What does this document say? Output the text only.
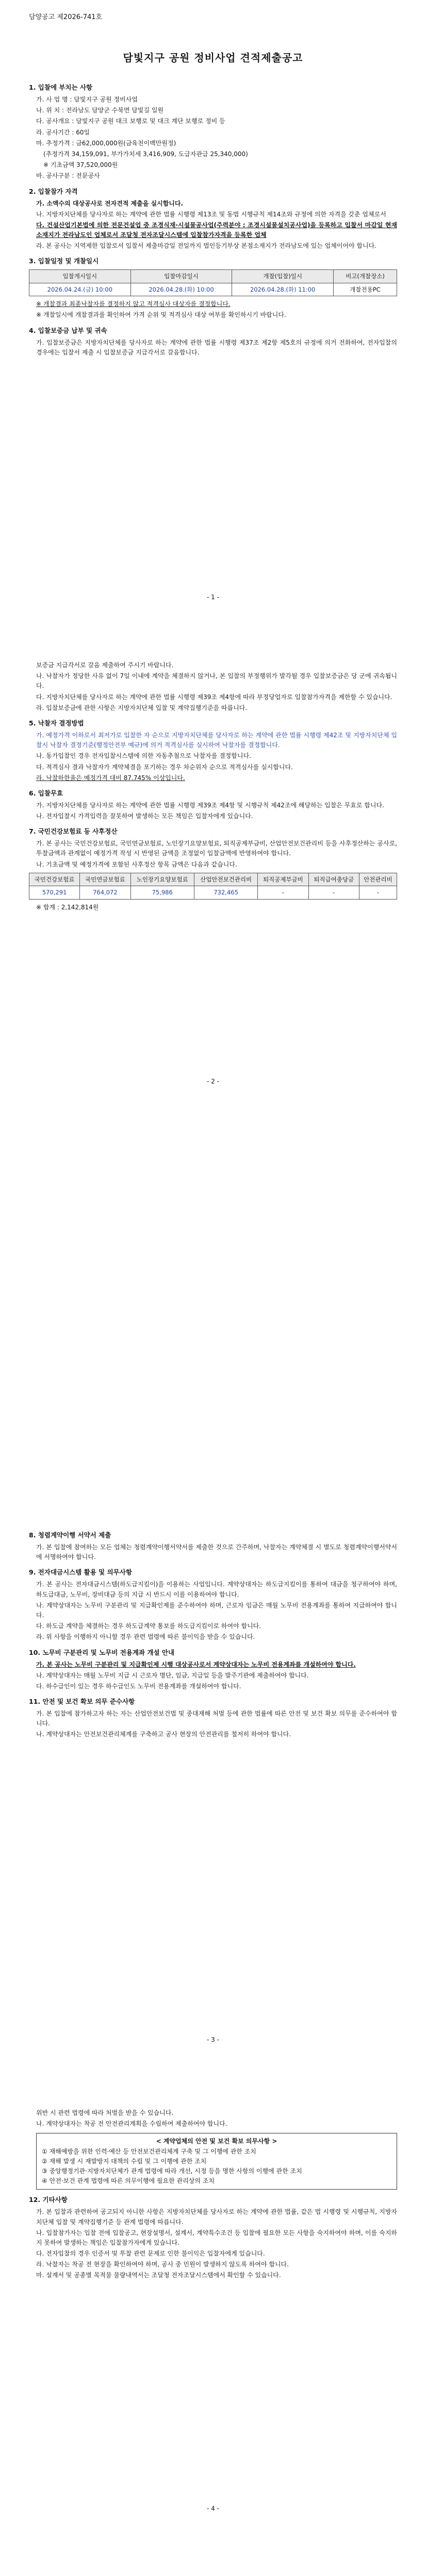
담양공고 제2026-741호
담빛지구 공원 정비사업 견적제출공고
1. 입찰에 부치는 사항

가. 사 업 명 : 담빛지구 공원 정비사업

나. 위 치 : 전라남도 담양군 수북면 담빛길 일원

다. 공사개요 : 담빛지구 공원 대크 보행로 및 대크 계단 보행로 정비 등

라. 공사기간 : 60일

마. 추정가격 : 금62,000,000원(금육천이백만원정)

(추정가격 34,159,091, 부가가치세 3,416,909, 도급자관급 25,340,000)

※ 기초금액 37,520,000원

바. 공사구분 : 전문공사

2. 입찰참가 자격

가. 소액수의 대상공사로 전자견적 제출을 실시합니다.

나. 지방자치단체를 당사자로 하는 계약에 관한 법률 시행령 제13조 및 동법 시행규칙 제14조와 규정에 의한 자격을 갖춘 업체로서

다. 건설산업기본법에 의한 전문건설업 중 조경식재·시설물공사업(주력분야 : 조경시설물설치공사업)을 등록하고 입찰서 마감일 현재 소재지가 전라남도인 업체로서 조달청 전자조달시스템에 입찰참가자격을 등록한 업체

라. 본 공사는 지역제한 입찰로서 입찰서 제출마감일 전일까지 법인등기부상 본점소재지가 전라남도에 있는 업체이어야 합니다.

3. 입찰일정 및 개찰일시
입찰게시일시	입찰마감일시	개찰(입찰)일시	비고(개찰장소)
2026.04.24.(금) 10:00	2026.04.28.(화) 10:00	2026.04.28.(화) 11:00	개찰전용PC

※ 개찰결과 최종낙찰자를 결정하지 않고 적격심사 대상자를 결정합니다.

※ 개찰일시에 개찰결과를 확인하여 가격 순위 및 적격심사 대상 여부를 확인하시기 바랍니다.

4. 입찰보증금 납부 및 귀속

가. 입찰보증금은 지방자치단체를 당사자로 하는 계약에 관한 법률 시행령 제37조 제2항 제5호의 규정에 의거 전화하여, 전자입찰의 경우에는 입찰서 제출 시 입찰보증금 지급각서로 갈음합니다.

- 1 -

보증금 지급각서로 갈음 제출하여 주시기 바랍니다.

나. 낙찰자가 정당한 사유 없이 7일 이내에 계약을 체결하지 않거나, 본 입찰의 부정행위가 발각될 경우 입찰보증금은 당 군에 귀속됩니다.

다. 지방자치단체를 당사자로 하는 계약에 관한 법률 시행령 제39조 제4항에 따라 부정당업자로 입찰참가자격을 제한할 수 있습니다.

라. 입찰보증금에 관한 사항은 지방자치단체 입찰 및 계약집행기준을 따릅니다.

5. 낙찰자 결정방법

가. 예정가격 이하로서 최저가로 입찰한 자 순으로 지방자치단체를 당사자로 하는 계약에 관한 법률 시행령 제42조 및 지방자치단체 입찰시 낙찰자 결정기준(행정안전부 예규)에 의거 적격심사를 실시하여 낙찰자를 결정합니다.

나. 동가입찰인 경우 전자입찰시스템에 의한 자동추첨으로 낙찰자를 결정합니다.

다. 적격심사 결과 낙찰자가 계약체결을 포기하는 경우 차순위자 순으로 적격심사를 실시합니다.

라. 낙찰하한율은 예정가격 대비 87.745% 이상입니다.

6. 입찰무효

가. 지방자치단체를 당사자로 하는 계약에 관한 법률 시행령 제39조 제4항 및 시행규칙 제42조에 해당하는 입찰은 무효로 합니다.

나. 전자입찰시 가격입력을 잘못하여 발생하는 모든 책임은 입찰자에게 있습니다.

7. 국민건강보험료 등 사후정산

가. 본 공사는 국민건강보험료, 국민연금보험료, 노인장기요양보험료, 퇴직공제부금비, 산업안전보건관리비 등을 사후정산하는 공사로, 투찰금액과 관계없이 예정가격 작성 시 반영된 금액을 조정없이 입찰금액에 반영하여야 합니다.

나. 기초금액 및 예정가격에 포함된 사후정산 항목 금액은 다음과 같습니다.

국민건강보험료	국민연금보험료	노인장기요양보험료	산업안전보건관리비	퇴직공제부금비	퇴직급여충당금	안전관리비
570,291	764,072	75,986	732,465	-	-	-

※ 합계 : 2,142,814원

- 2 -
8. 청렴계약이행 서약서 제출

가. 본 입찰에 참여하는 모든 업체는 청렴계약이행서약서를 제출한 것으로 간주하며, 낙찰자는 계약체결 시 별도로 청렴계약이행서약서에 서명하여야 합니다.

9. 전자대금시스템 활용 및 의무사항

가. 본 공사는 전자대금시스템(하도급지킴이)을 이용하는 사업입니다. 계약상대자는 하도급지킴이를 통하여 대금을 청구하여야 하며, 하도급대금, 노무비, 장비대금 등의 지급 시 반드시 이를 이용하여야 합니다.

나. 계약상대자는 노무비 구분관리 및 지급확인제를 준수하여야 하며, 근로자 임금은 매월 노무비 전용계좌를 통하여 지급하여야 합니다.

다. 하도급 계약을 체결하는 경우 하도급계약 통보를 하도급지킴이로 하여야 합니다.

라. 위 사항을 이행하지 아니할 경우 관련 법령에 따른 불이익을 받을 수 있습니다.

10. 노무비 구분관리 및 노무비 전용계좌 개설 안내

가. 본 공사는 노무비 구분관리 및 지급확인제 시행 대상공사로서 계약상대자는 노무비 전용계좌를 개설하여야 합니다.

나. 계약상대자는 매월 노무비 지급 시 근로자 명단, 임금, 지급일 등을 발주기관에 제출하여야 합니다.

다. 하수급인이 있는 경우 하수급인도 노무비 전용계좌를 개설하여야 합니다.

11. 안전 및 보건 확보 의무 준수사항

가. 본 입찰에 참가하고자 하는 자는 산업안전보건법 및 중대재해 처벌 등에 관한 법률에 따른 안전 및 보건 확보 의무를 준수하여야 합니다.

나. 계약상대자는 안전보건관리체계를 구축하고 공사 현장의 안전관리를 철저히 하여야 합니다.

- 3 -

위반 시 관련 법령에 따라 처벌을 받을 수 있습니다.

나. 계약상대자는 착공 전 안전관리계획을 수립하여 제출하여야 합니다.

< 계약업체의 안전 및 보건 확보 의무사항 >
① 재해예방을 위한 인력·예산 등 안전보건관리체계 구축 및 그 이행에 관한 조치
② 재해 발생 시 재발방지 대책의 수립 및 그 이행에 관한 조치
③ 중앙행정기관·지방자치단체가 관계 법령에 따라 개선, 시정 등을 명한 사항의 이행에 관한 조치
④ 안전·보건 관계 법령에 따른 의무이행에 필요한 관리상의 조치
12. 기타사항

가. 본 입찰과 관련하여 공고되지 아니한 사항은 지방자치단체를 당사자로 하는 계약에 관한 법률, 같은 법 시행령 및 시행규칙, 지방자치단체 입찰 및 계약집행기준 등 관계 법령에 따릅니다.

나. 입찰참가자는 입찰 전에 입찰공고, 현장설명서, 설계서, 계약특수조건 등 입찰에 필요한 모든 사항을 숙지하여야 하며, 이를 숙지하지 못하여 발생하는 책임은 입찰참가자에게 있습니다.

다. 전자입찰의 경우 인증서 및 투찰 관련 문제로 인한 불이익은 입찰자에게 있습니다.

라. 낙찰자는 착공 전 현장을 확인하여야 하며, 공사 중 민원이 발생하지 않도록 하여야 합니다.

마. 설계서 및 공종별 목적물 물량내역서는 조달청 전자조달시스템에서 확인할 수 있습니다.

- 4 -
